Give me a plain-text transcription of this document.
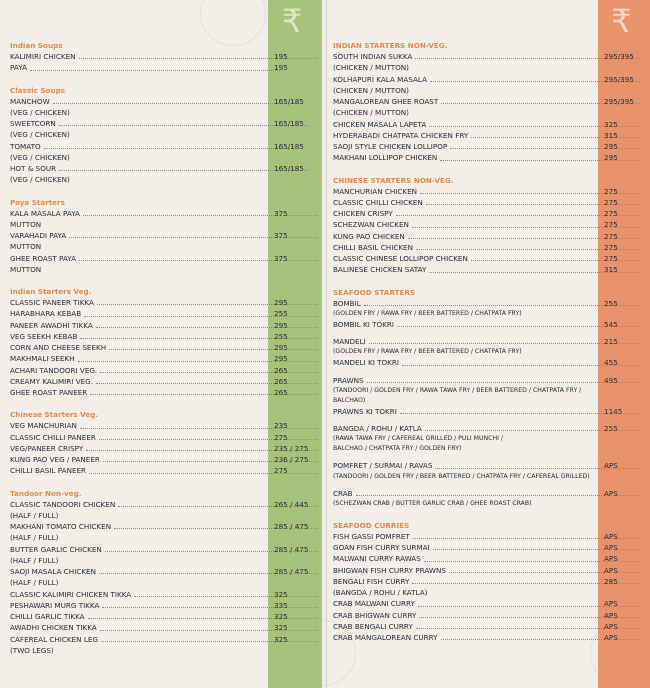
₹	₹
Indian Soups
KALIMIRI CHICKEN	195
PAYA	195
Classic Soups
MANCHOW	165/185
(VEG / CHICKEN)
SWEETCORN	165/185
(VEG / CHICKEN)
TOMATO	165/185
(VEG / CHICKEN)
HOT & SOUR	165/185
(VEG / CHICKEN)
Paya Starters
KALA MASALA PAYA	375
MUTTON
VARAHADI PAYA	375
MUTTON
GHEE ROAST PAYA	375
MUTTON
Indian Starters Veg.
CLASSIC PANEER TIKKA	295
HARABHARA KEBAB	255
PANEER AWADHI TIKKA	295
VEG SEEKH KEBAB	255
CORN AND CHEESE SEEKH	295
MAKHMALI SEEKH	295
ACHARI TANDOORI VEG.	265
CREAMY KALIMIRI VEG.	265
GHEE ROAST PANEER	265
Chinese Starters Veg.
VEG MANCHURIAN	235
CLASSIC CHILLI PANEER	275
VEG/PANEER CRISPY	235 / 275
KUNG PAO VEG / PANEER	236 / 275
CHILLI BASIL PANEER	275
Tandoor Non-veg.
CLASSIC TANDOORI CHICKEN	265 / 445
(HALF / FULL)
MAKHANI TOMATO CHICKEN	285 / 475
(HALF / FULL)
BUTTER GARLIC CHICKEN	285 / 475
(HALF / FULL)
SAOJI MASALA CHICKEN	285 / 475
(HALF / FULL)
CLASSIC KALIMIRI CHICKEN TIKKA	325
PESHAWARI MURG TIKKA	335
CHILLI GARLIC TIKKA	325
AWADHI CHICKEN TIKKA	325
CAFEREAL CHICKEN LEG	325
(TWO LEGS)
INDIAN STARTERS NON-VEG.
SOUTH INDIAN SUKKA	295/395
(CHICKEN / MUTTON)
KOLHAPURI KALA MASALA	295/395
(CHICKEN / MUTTON)
MANGALOREAN GHEE ROAST	295/395
(CHICKEN / MUTTON)
CHICKEN MASALA LAPETA	325
HYDERABADI CHATPATA CHICKEN FRY	315
SAOJI STYLE CHICKEN LOLLIPOP	295
MAKHANI LOLLIPOP CHICKEN	295
CHINESE STARTERS NON-VEG.
MANCHURIAN CHICKEN	275
CLASSIC CHILLI CHICKEN	275
CHICKEN CRISPY	275
SCHEZWAN CHICKEN	275
KUNG PAO CHICKEN	275
CHILLI BASIL CHICKEN	275
CLASSIC CHINESE LOLLIPOP CHICKEN	275
BALINESE CHICKEN SATAY	315
SEAFOOD STARTERS
BOMBIL	255
(GOLDEN FRY / RAWA FRY / BEER BATTERED / CHATPATA FRY)
BOMBIL KI TOKRI	545
MANDELI	215
(GOLDEN FRY / RAWA FRY / BEER BATTERED / CHATPATA FRY)
MANDELI KI TOKRI	455
PRAWNS	495
(TANDOORI / GOLDEN FRY / RAWA TAWA FRY / BEER BATTERED / CHATPATA FRY /
BALCHAO)
PRAWNS KI TOKRI	1145
BANGDA / ROHU / KATLA	255
(RAWA TAWA FRY / CAFEREAL GRILLED / PULI MUNCHI /
BALCHAO / CHATPATA FRY / GOLDEN FRY)
POMFRET / SURMAI / RAVAS	APS
(TANDOORI / GOLDEN FRY / BEER BATTERED / CHATPATA FRY / CAFEREAL GRILLED)
CRAB	APS
(SCHEZWAN CRAB / BUTTER GARLIC CRAB / GHEE ROAST CRAB)
SEAFOOD CURRIES
FISH GASSI POMFRET	APS
GOAN FISH CURRY SURMAI	APS
MALWANI CURRY RAWAS	APS
BHIGWAN FISH CURRY PRAWNS	APS
BENGALI FISH CURRY	285
(BANGDA / ROHU / KATLA)
CRAB MALWANI CURRY	APS
CRAB BHIGWAN CURRY	APS
CRAB BENGALI CURRY	APS
CRAB MANGALOREAN CURRY	APS
